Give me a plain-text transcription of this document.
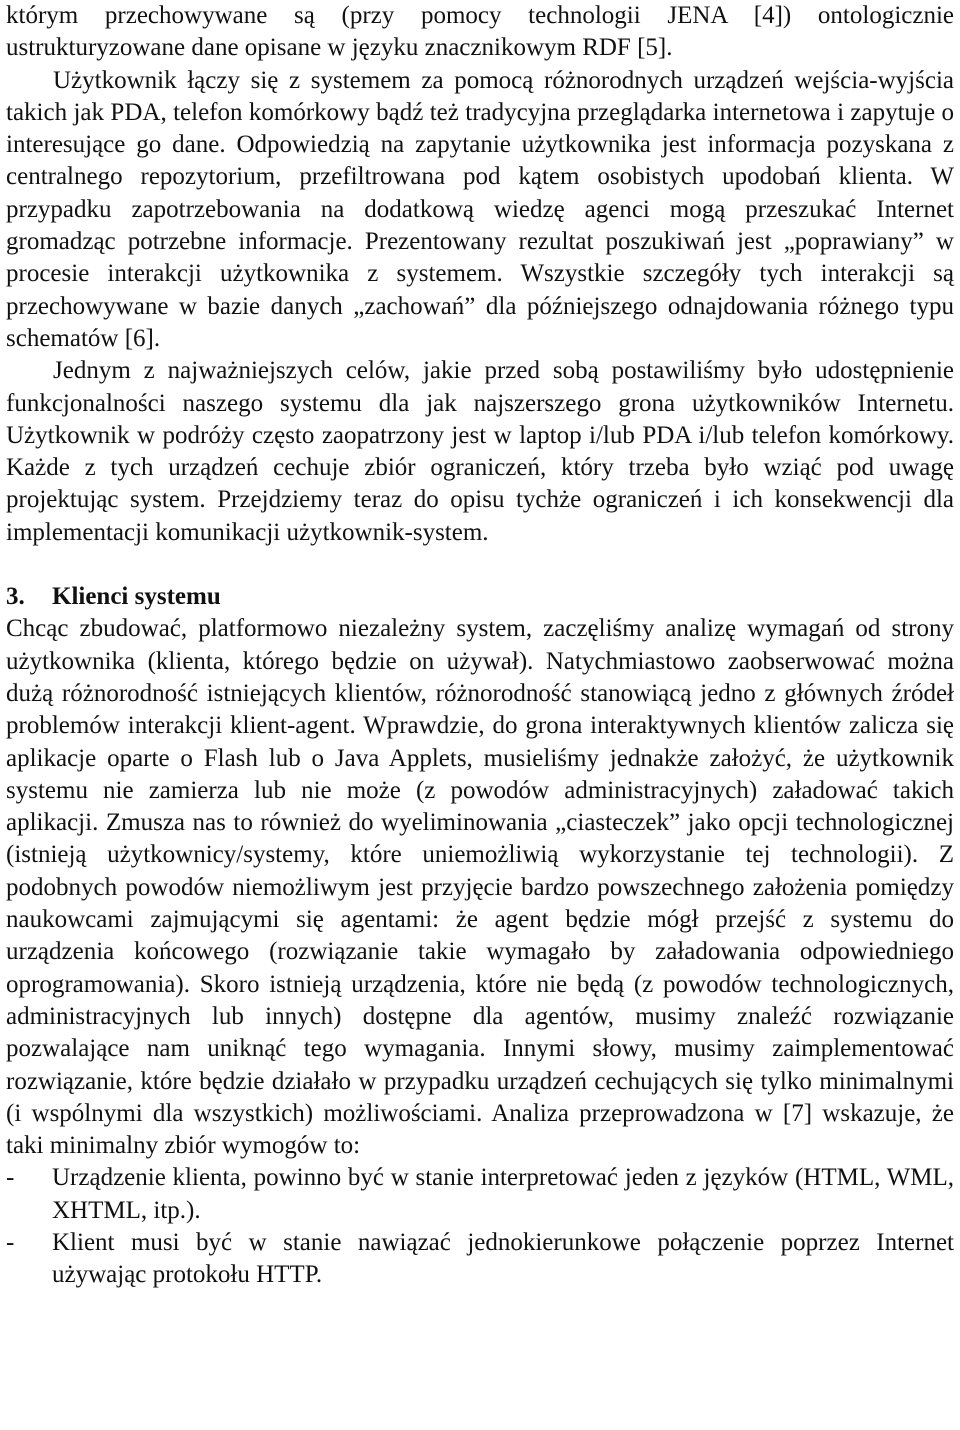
którym przechowywane są (przy pomocy technologii JENA [4]) ontologicznie ustrukturyzowane dane opisane w języku znacznikowym RDF [5].

Użytkownik łączy się z systemem za pomocą różnorodnych urządzeń wejścia-wyjścia takich jak PDA, telefon komórkowy bądź też tradycyjna przeglądarka internetowa i zapytuje o interesujące go dane. Odpowiedzią na zapytanie użytkownika jest informacja pozyskana z centralnego repozytorium, przefiltrowana pod kątem osobistych upodobań klienta. W przypadku zapotrzebowania na dodatkową wiedzę agenci mogą przeszukać Internet gromadząc potrzebne informacje. Prezentowany rezultat poszukiwań jest „poprawiany” w procesie interakcji użytkownika z systemem. Wszystkie szczegóły tych interakcji są przechowywane w bazie danych „zachowań” dla późniejszego odnajdowania różnego typu schematów [6].

Jednym z najważniejszych celów, jakie przed sobą postawiliśmy było udostępnienie funkcjonalności naszego systemu dla jak najszerszego grona użytkowników Internetu. Użytkownik w podróży często zaopatrzony jest w laptop i/lub PDA i/lub telefon komórkowy. Każde z tych urządzeń cechuje zbiór ograniczeń, który trzeba było wziąć pod uwagę projektując system. Przejdziemy teraz do opisu tychże ograniczeń i ich konsekwencji dla implementacji komunikacji użytkownik-system.

3. Klienci systemu

Chcąc zbudować, platformowo niezależny system, zaczęliśmy analizę wymagań od strony użytkownika (klienta, którego będzie on używał). Natychmiastowo zaobserwować można dużą różnorodność istniejących klientów, różnorodność stanowiącą jedno z głównych źródeł problemów interakcji klient-agent. Wprawdzie, do grona interaktywnych klientów zalicza się aplikacje oparte o Flash lub o Java Applets, musieliśmy jednakże założyć, że użytkownik systemu nie zamierza lub nie może (z powodów administracyjnych) załadować takich aplikacji. Zmusza nas to również do wyeliminowania „ciasteczek” jako opcji technologicznej (istnieją użytkownicy/systemy, które uniemożliwią wykorzystanie tej technologii). Z podobnych powodów niemożliwym jest przyjęcie bardzo powszechnego założenia pomiędzy naukowcami zajmującymi się agentami: że agent będzie mógł przejść z systemu do urządzenia końcowego (rozwiązanie takie wymagało by załadowania odpowiedniego oprogramowania). Skoro istnieją urządzenia, które nie będą (z powodów technologicznych, administracyjnych lub innych) dostępne dla agentów, musimy znaleźć rozwiązanie pozwalające nam uniknąć tego wymagania. Innymi słowy, musimy zaimplementować rozwiązanie, które będzie działało w przypadku urządzeń cechujących się tylko minimalnymi (i wspólnymi dla wszystkich) możliwościami. Analiza przeprowadzona w [7] wskazuje, że taki minimalny zbiór wymogów to:

- Urządzenie klienta, powinno być w stanie interpretować jeden z języków (HTML, WML, XHTML, itp.).
- Klient musi być w stanie nawiązać jednokierunkowe połączenie poprzez Internet używając protokołu HTTP.
